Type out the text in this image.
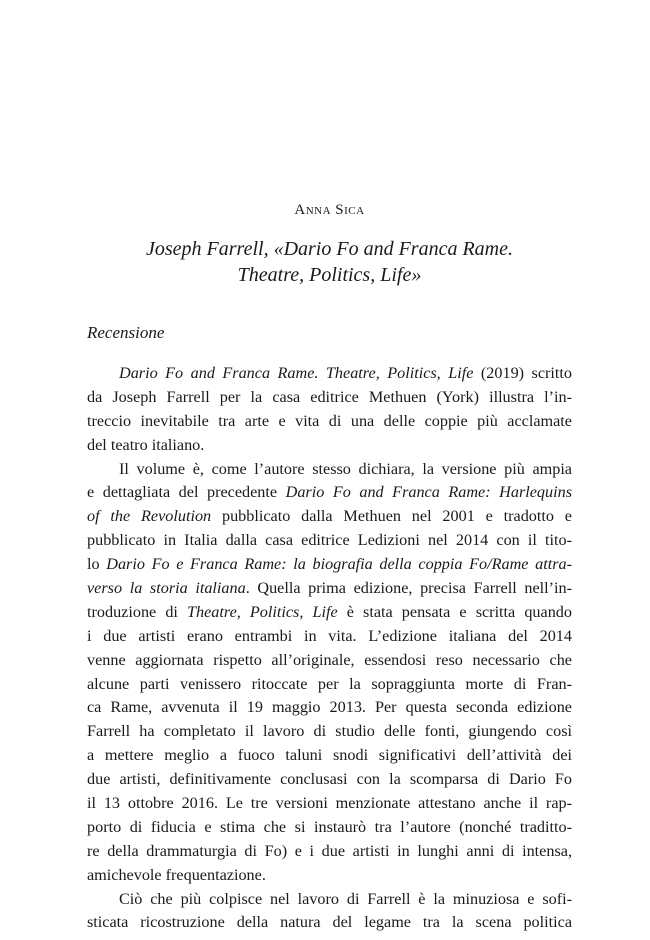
Anna Sica
Joseph Farrell, «Dario Fo and Franca Rame.
Theatre, Politics, Life»
Recensione
Dario Fo and Franca Rame. Theatre, Politics, Life (2019) scritto
da Joseph Farrell per la casa editrice Methuen (York) illustra l’in-
treccio inevitabile tra arte e vita di una delle coppie più acclamate
del teatro italiano.
Il volume è, come l’autore stesso dichiara, la versione più ampia
e dettagliata del precedente Dario Fo and Franca Rame: Harlequins
of the Revolution pubblicato dalla Methuen nel 2001 e tradotto e
pubblicato in Italia dalla casa editrice Ledizioni nel 2014 con il tito-
lo Dario Fo e Franca Rame: la biografia della coppia Fo/Rame attra-
verso la storia italiana. Quella prima edizione, precisa Farrell nell’in-
troduzione di Theatre, Politics, Life è stata pensata e scritta quando
i due artisti erano entrambi in vita. L’edizione italiana del 2014
venne aggiornata rispetto all’originale, essendosi reso necessario che
alcune parti venissero ritoccate per la sopraggiunta morte di Fran-
ca Rame, avvenuta il 19 maggio 2013. Per questa seconda edizione
Farrell ha completato il lavoro di studio delle fonti, giungendo così
a mettere meglio a fuoco taluni snodi significativi dell’attività dei
due artisti, definitivamente conclusasi con la scomparsa di Dario Fo
il 13 ottobre 2016. Le tre versioni menzionate attestano anche il rap-
porto di fiducia e stima che si instaurò tra l’autore (nonché traditto-
re della drammaturgia di Fo) e i due artisti in lunghi anni di intensa,
amichevole frequentazione.
Ciò che più colpisce nel lavoro di Farrell è la minuziosa e sofi-
sticata ricostruzione della natura del legame tra la scena politica
